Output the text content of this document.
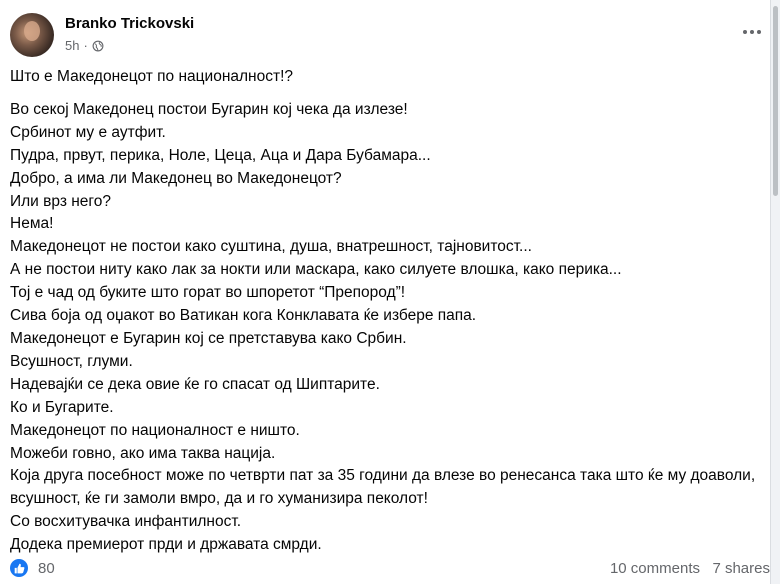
Branko Trickovski
5h ·
Што е Македонецот по националност!?
Во секој Македонец постои Бугарин кој чека да излезе!
Србинот му е аутфит.
Пудра, првут, перика, Ноле, Цеца, Аца и Дара Бубамара...
Добро, а има ли Македонец во Македонецот?
Или врз него?
Нема!
Македонецот не постои како суштина, душа, внатрешност, тајновитост...
А не постои ниту како лак за нокти или маскара, како силуете влошка, како перика...
Тој е чад од буките што горат во шпоретот “Препород”!
Сива боја од оџакот во Ватикан кога Конклавата ќе избере папа.
Македонецот е Бугарин кој се претставува како Србин.
Всушност, глуми.
Надевајќи се дека овие ќе го спасат од Шиптарите.
Ко и Бугарите.
Македонецот по националност е ништо.
Можеби говно, ако има таква нација.
Која друга посебност може по четврти пат за 35 години да влезе во ренесанса така што ќе му доаволи, всушност, ќе ги замоли вмро, да и го хуманизира пеколот!
Со восхитувачка инфантилност.
Додека премиерот прди и државата смрди.
80	10 comments 7 shares
